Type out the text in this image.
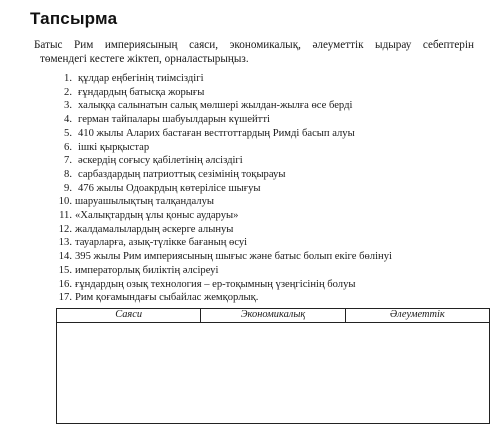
Тапсырма
Батыс Рим империясының саяси, экономикалық, әлеуметтік ыдырау себептерін
төмендегі кестеге жіктеп, орналастырыңыз.
1. құлдар еңбегінің тиімсіздігі
2. ғұндардың батысқа жорығы
3. халыққа салынатын салық мөлшері жылдан-жылға өсе берді
4. герман тайпалары шабуылдарын күшейтті
5. 410 жылы Аларих бастаған вестготтардың Римді басып алуы
6. ішкі қырқыстар
7. әскердің соғысу қабілетінің әлсіздігі
8. сарбаздардың патриоттық сезімінің тоқырауы
9. 476 жылы Одоакрдың көтерілісе шығуы
10. шаруашылықтың талқандалуы
11. «Халықтардың ұлы қоныс аударуы»
12. жалдамалылардың әскерге алынуы
13. тауарларға, азық-түлікке бағаның өсуі
14. 395 жылы Рим империясының шығыс және батыс болып екіге бөлінуі
15. императорлық биліктің әлсіреуі
16. ғұндардың озық технология – ер-тоқымның үзеңгісінің болуы
17. Рим қоғамындағы сыбайлас жемқорлық.
Саяси	Экономикалық	Әлеуметтік
